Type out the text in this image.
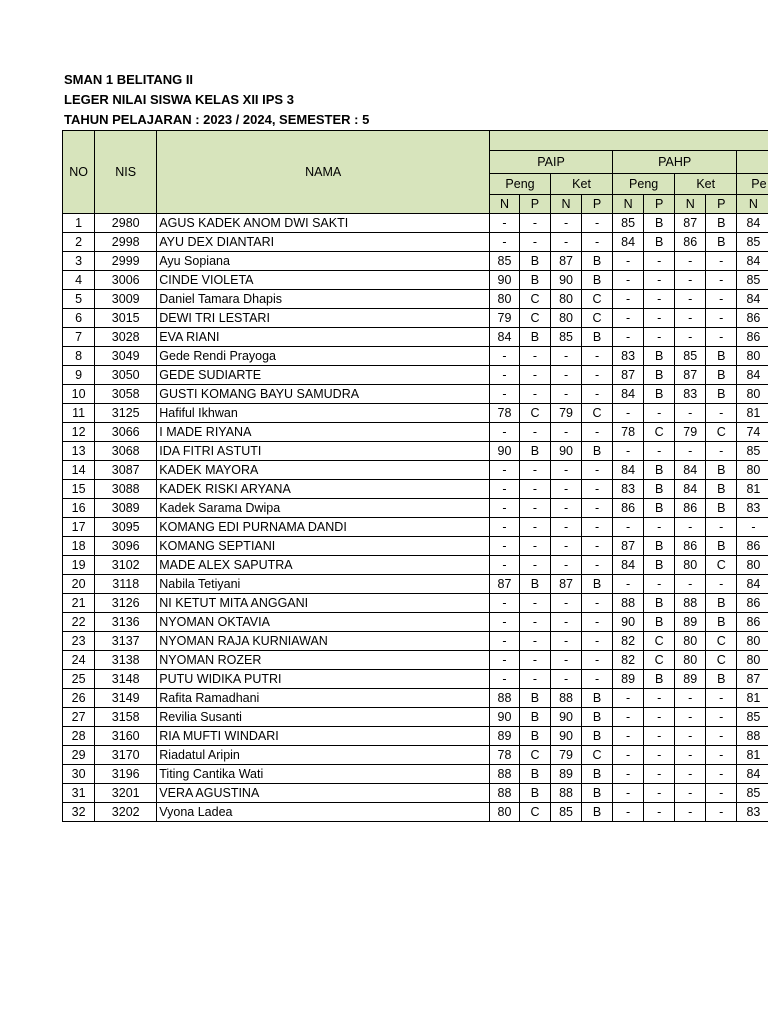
SMAN 1 BELITANG II
LEGER NILAI SISWA KELAS XII IPS 3
TAHUN PELAJARAN : 2023 / 2024, SEMESTER : 5
NO	NIS	NAMA										
			PAIP				PAHP					
			Peng		Ket		Peng		Ket		Pe	
			N	P	N	P	N	P	N	P	N	
1	2980	AGUS KADEK ANOM DWI SAKTI	-	-	-	-	85	B	87	B	84	
2	2998	AYU DEX DIANTARI	-	-	-	-	84	B	86	B	85	
3	2999	Ayu Sopiana	85	B	87	B	-	-	-	-	84	
4	3006	CINDE VIOLETA	90	B	90	B	-	-	-	-	85	
5	3009	Daniel Tamara Dhapis	80	C	80	C	-	-	-	-	84	
6	3015	DEWI TRI LESTARI	79	C	80	C	-	-	-	-	86	
7	3028	EVA RIANI	84	B	85	B	-	-	-	-	86	
8	3049	Gede Rendi Prayoga	-	-	-	-	83	B	85	B	80	
9	3050	GEDE SUDIARTE	-	-	-	-	87	B	87	B	84	
10	3058	GUSTI KOMANG BAYU SAMUDRA	-	-	-	-	84	B	83	B	80	
11	3125	Hafiful Ikhwan	78	C	79	C	-	-	-	-	81	
12	3066	I MADE RIYANA	-	-	-	-	78	C	79	C	74	
13	3068	IDA FITRI ASTUTI	90	B	90	B	-	-	-	-	85	
14	3087	KADEK MAYORA	-	-	-	-	84	B	84	B	80	
15	3088	KADEK RISKI ARYANA	-	-	-	-	83	B	84	B	81	
16	3089	Kadek Sarama Dwipa	-	-	-	-	86	B	86	B	83	
17	3095	KOMANG EDI PURNAMA DANDI	-	-	-	-	-	-	-	-	-	
18	3096	KOMANG SEPTIANI	-	-	-	-	87	B	86	B	86	
19	3102	MADE ALEX SAPUTRA	-	-	-	-	84	B	80	C	80	
20	3118	Nabila Tetiyani	87	B	87	B	-	-	-	-	84	
21	3126	NI KETUT MITA ANGGANI	-	-	-	-	88	B	88	B	86	
22	3136	NYOMAN OKTAVIA	-	-	-	-	90	B	89	B	86	
23	3137	NYOMAN RAJA KURNIAWAN	-	-	-	-	82	C	80	C	80	
24	3138	NYOMAN ROZER	-	-	-	-	82	C	80	C	80	
25	3148	PUTU WIDIKA PUTRI	-	-	-	-	89	B	89	B	87	
26	3149	Rafita Ramadhani	88	B	88	B	-	-	-	-	81	
27	3158	Revilia Susanti	90	B	90	B	-	-	-	-	85	
28	3160	RIA MUFTI WINDARI	89	B	90	B	-	-	-	-	88	
29	3170	Riadatul Aripin	78	C	79	C	-	-	-	-	81	
30	3196	Titing Cantika Wati	88	B	89	B	-	-	-	-	84	
31	3201	VERA AGUSTINA	88	B	88	B	-	-	-	-	85	
32	3202	Vyona Ladea	80	C	85	B	-	-	-	-	83	
